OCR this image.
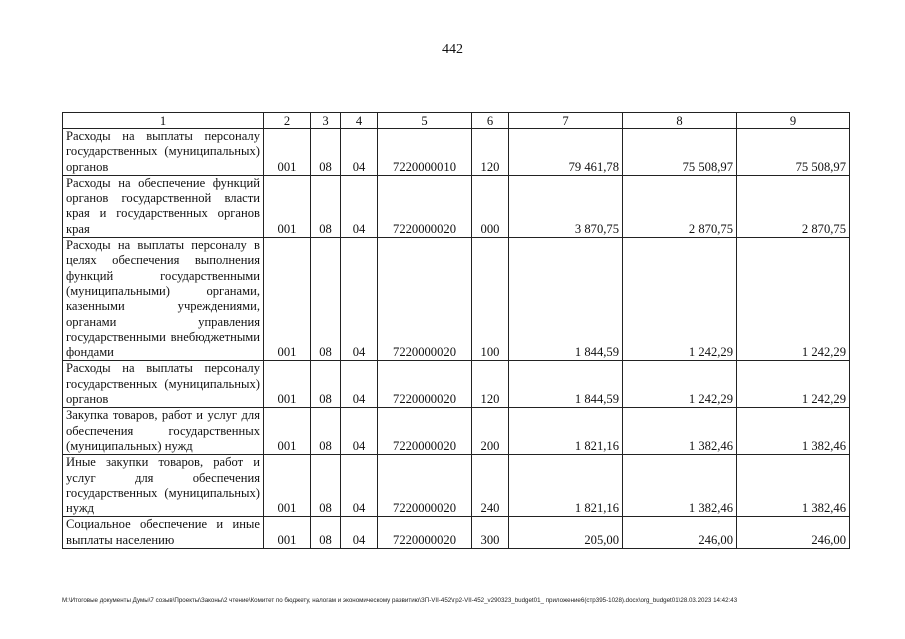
442
1	2	3	4	5	6	7	8	9
Расходы на выплаты персоналу государственных (муниципальных) органов	001	08	04	7220000010	120	79 461,78	75 508,97	75 508,97
Расходы на обеспечение функций органов государственной власти края и государственных органов края	001	08	04	7220000020	000	3 870,75	2 870,75	2 870,75
Расходы на выплаты персоналу в целях обеспечения выполнения функций государственными (муниципальными) органами, казенными учреждениями, органами управления государственными внебюджетными фондами	001	08	04	7220000020	100	1 844,59	1 242,29	1 242,29
Расходы на выплаты персоналу государственных (муниципальных) органов	001	08	04	7220000020	120	1 844,59	1 242,29	1 242,29
Закупка товаров, работ и услуг для обеспечения государственных (муниципальных) нужд	001	08	04	7220000020	200	1 821,16	1 382,46	1 382,46
Иные закупки товаров, работ и услуг для обеспечения государственных (муниципальных) нужд	001	08	04	7220000020	240	1 821,16	1 382,46	1 382,46
Социальное обеспечение и иные выплаты населению	001	08	04	7220000020	300	205,00	246,00	246,00
M:\Итоговые документы Думы\7 созыв\Проекты\Законы\2 чтение\Комитет по бюджету, налогам и экономическому развитию\ЗП-VII-452\гр2-VII-452_v290323_budget01_ приложение6(стр395-1028).docx\org_budget01\28.03.2023 14:42:43
